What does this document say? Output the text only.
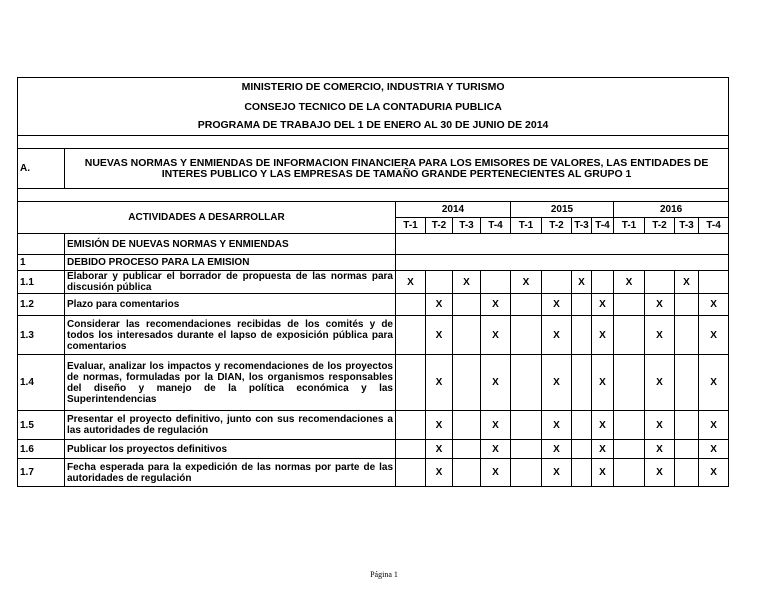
MINISTERIO DE COMERCIO, INDUSTRIA Y TURISMO													
CONSEJO TECNICO DE LA CONTADURIA PUBLICA													
PROGRAMA DE TRABAJO DEL 1 DE ENERO AL 30 DE JUNIO DE 2014													

A.	NUEVAS NORMAS Y ENMIENDAS DE INFORMACION FINANCIERA PARA LOS EMISORES DE VALORES, LAS ENTIDADES DE INTERES PUBLICO Y LAS EMPRESAS DE TAMAÑO GRANDE PERTENECIENTES AL GRUPO 1												

ACTIVIDADES A DESARROLLAR		2014				2015				2016			
		T-1	T-2	T-3	T-4	T-1	T-2	T-3	T-4	T-1	T-2	T-3	T-4
	EMISIÓN DE NUEVAS NORMAS Y ENMIENDAS												
1	DEBIDO PROCESO PARA LA EMISION												
1.1	Elaborar y publicar el borrador de propuesta de las normas para discusión pública	X		X		X		X		X		X	
1.2	Plazo para comentarios		X		X		X		X		X		X
1.3	Considerar las recomendaciones recibidas de los comités y de todos los interesados durante el lapso de exposición pública para comentarios		X		X		X		X		X		X
1.4	Evaluar, analizar los impactos y recomendaciones de los proyectos de normas, formuladas por la DIAN, los organismos responsables del diseño y manejo de la política económica y las Superintendencias		X		X		X		X		X		X
1.5	Presentar el proyecto definitivo, junto con sus recomendaciones a las autoridades de regulación		X		X		X		X		X		X
1.6	Publicar los proyectos definitivos		X		X		X		X		X		X
1.7	Fecha esperada para la expedición de las normas por parte de las autoridades de regulación		X		X		X		X		X		X
Página 1
